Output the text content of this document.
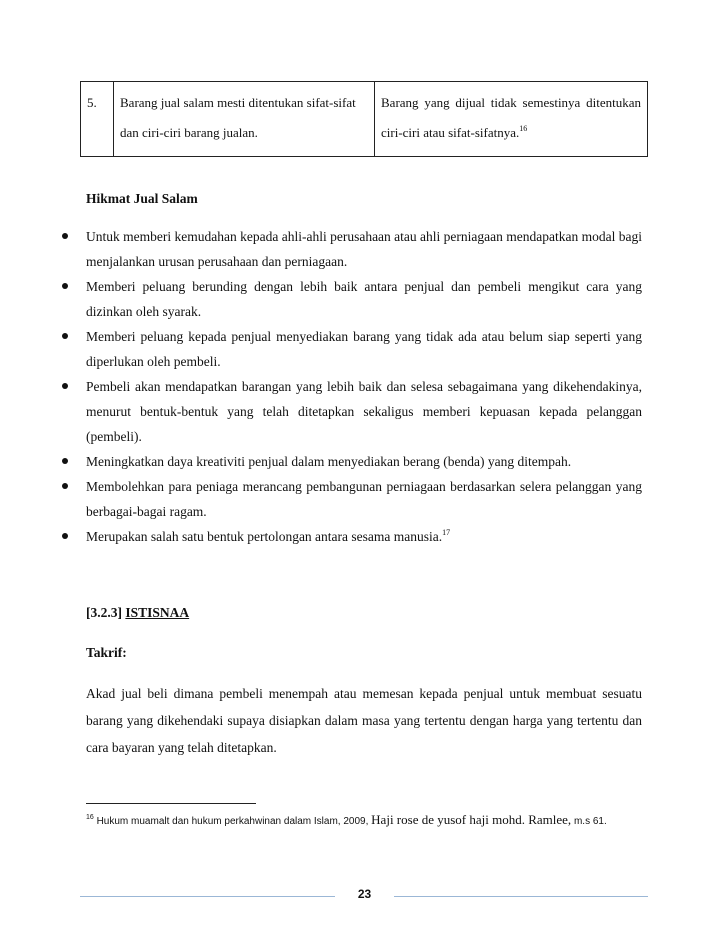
5.	Barang jual salam mesti ditentukan sifat-sifat dan ciri-ciri barang jualan.	Barang yang dijual tidak semestinya ditentukan ciri-ciri atau sifat-sifatnya.$^{16}$
Hikmat Jual Salam
Untuk memberi kemudahan kepada ahli-ahli perusahaan atau ahli perniagaan mendapatkan modal bagi menjalankan urusan perusahaan dan perniagaan.
Memberi peluang berunding dengan lebih baik antara penjual dan pembeli mengikut cara yang dizinkan oleh syarak.
Memberi peluang kepada penjual menyediakan barang yang tidak ada atau belum siap seperti yang diperlukan oleh pembeli.
Pembeli akan mendapatkan barangan yang lebih baik dan selesa sebagaimana yang dikehendakinya, menurut bentuk-bentuk yang telah ditetapkan sekaligus memberi kepuasan kepada pelanggan (pembeli).
Meningkatkan daya kreativiti penjual dalam menyediakan berang (benda) yang ditempah.
Membolehkan para peniaga merancang pembangunan perniagaan berdasarkan selera pelanggan yang berbagai-bagai ragam.
Merupakan salah satu bentuk pertolongan antara sesama manusia.$^{17}$
[3.2.3] ISTISNAA
Takrif:

Akad jual beli dimana pembeli menempah atau memesan kepada penjual untuk membuat sesuatu barang yang dikehendaki supaya disiapkan dalam masa yang tertentu dengan harga yang tertentu dan cara bayaran yang telah ditetapkan.

$^{16}$ Hukum muamalt dan hukum perkahwinan dalam Islam, 2009, Haji rose de yusof haji mohd. Ramlee, m.s 61.

23
